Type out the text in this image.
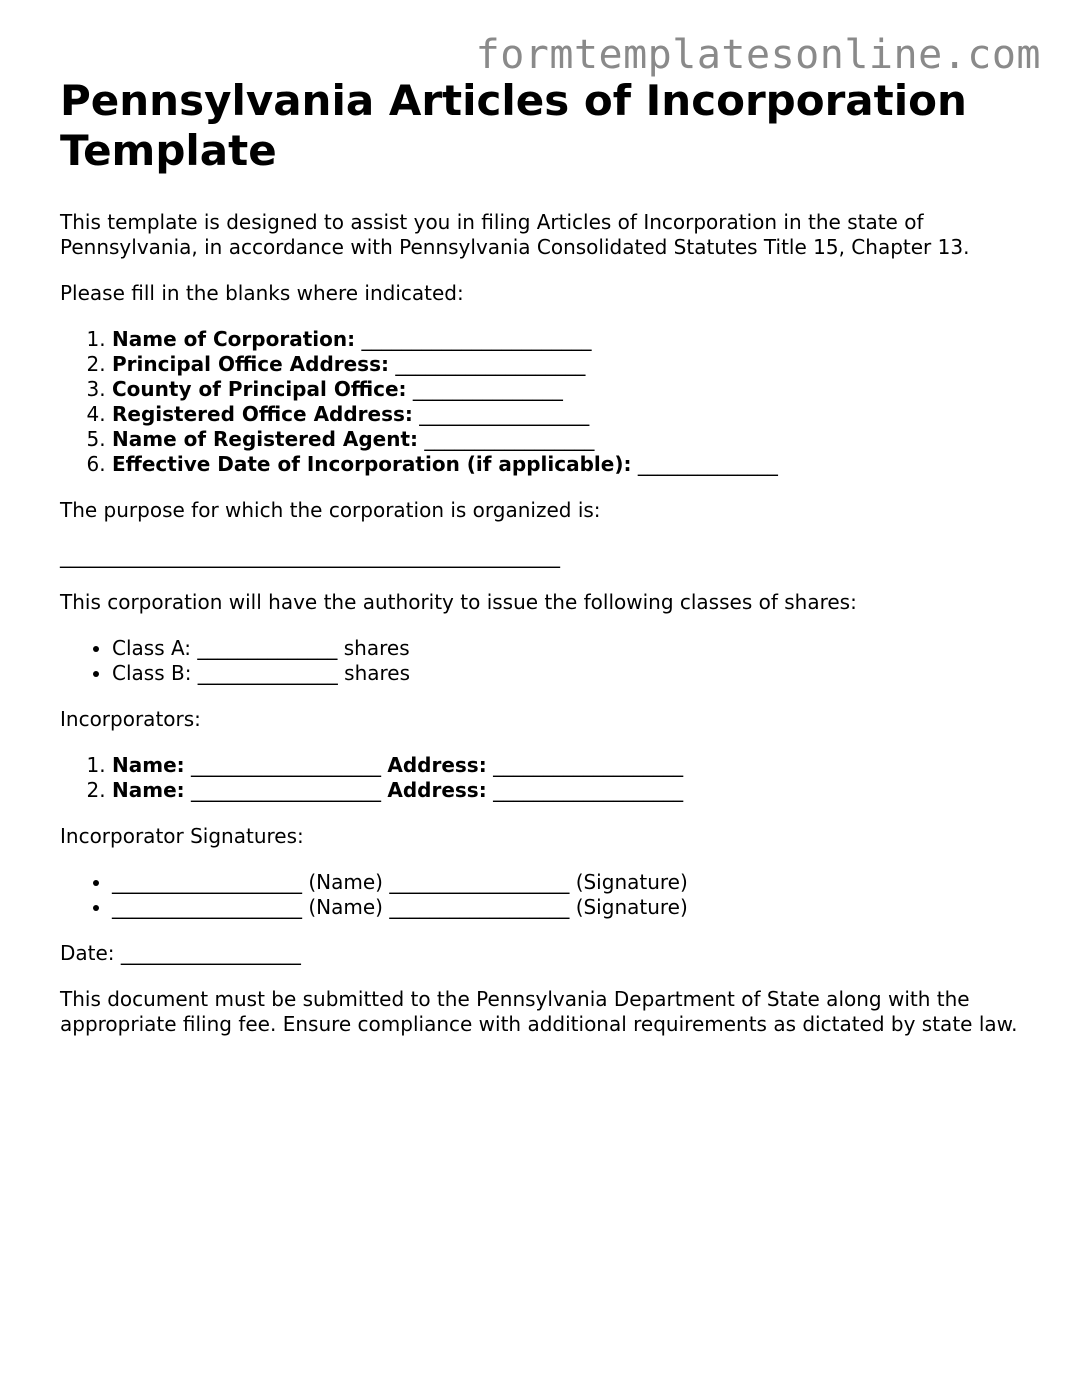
formtemplatesonline.com
Pennsylvania Articles of Incorporation Template

This template is designed to assist you in filing Articles of Incorporation in the state of Pennsylvania, in accordance with Pennsylvania Consolidated Statutes Title 15, Chapter 13.

Please fill in the blanks where indicated:

1. Name of Corporation: _______________________
2. Principal Office Address: ___________________
3. County of Principal Office: _______________
4. Registered Office Address: _________________
5. Name of Registered Agent: _________________
6. Effective Date of Incorporation (if applicable): ______________

The purpose for which the corporation is organized is:

__________________________________________________

This corporation will have the authority to issue the following classes of shares:

• Class A: ______________ shares
• Class B: ______________ shares

Incorporators:

1. Name: ___________________ Address: ___________________
2. Name: ___________________ Address: ___________________

Incorporator Signatures:

• ___________________ (Name) __________________ (Signature)
• ___________________ (Name) __________________ (Signature)

Date: __________________

This document must be submitted to the Pennsylvania Department of State along with the appropriate filing fee. Ensure compliance with additional requirements as dictated by state law.
